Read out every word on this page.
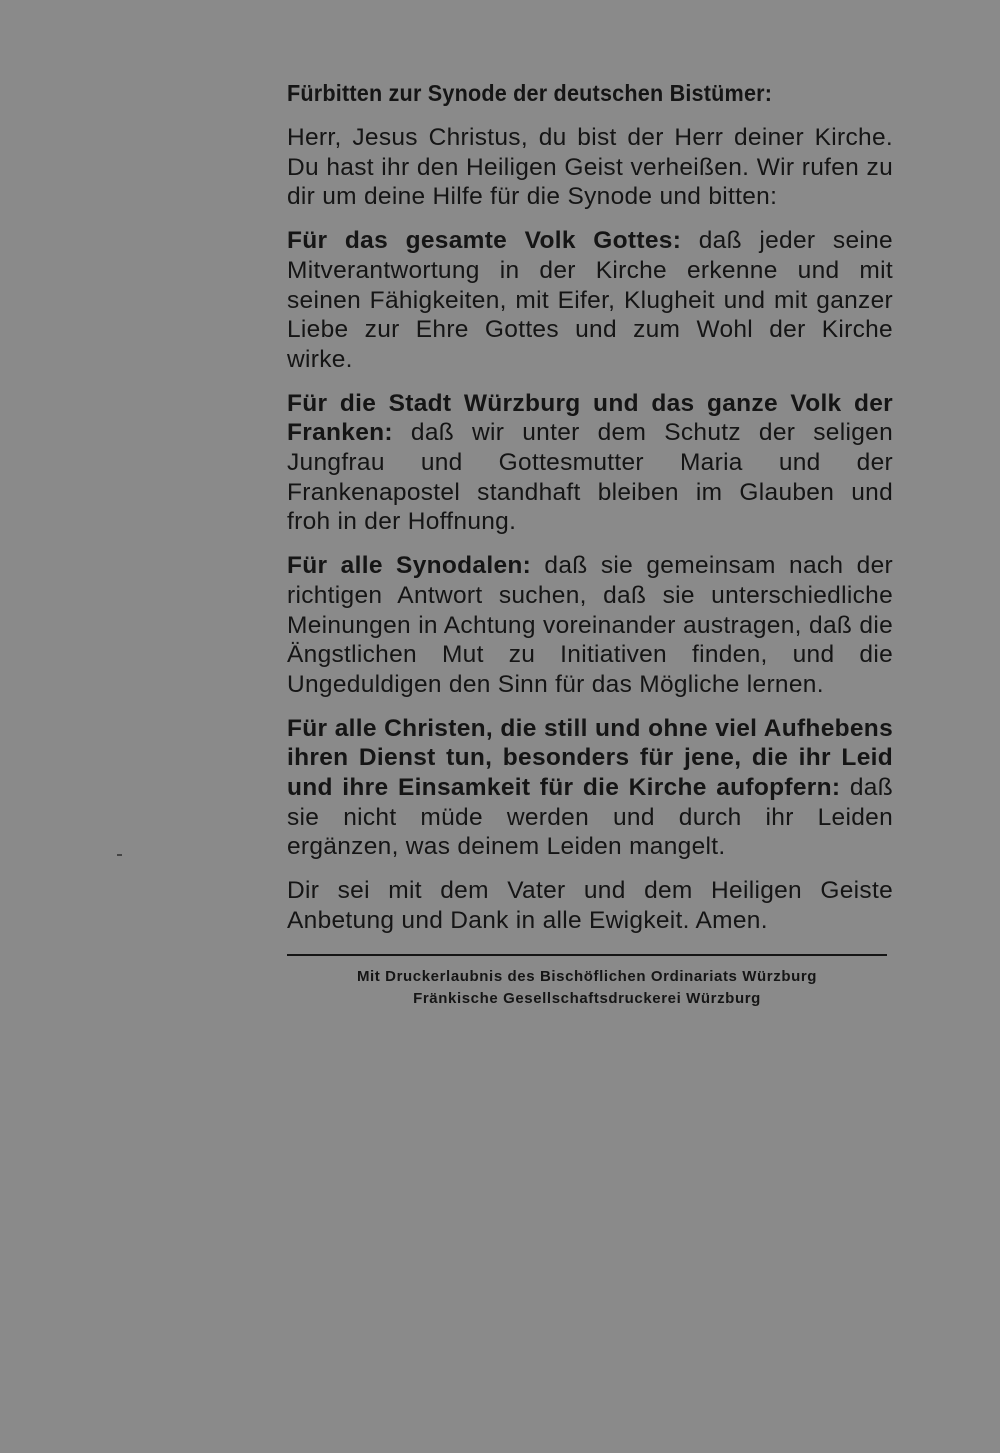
Fürbitten zur Synode der deutschen Bistümer:

Herr, Jesus Christus, du bist der Herr deiner Kirche. Du hast ihr den Heiligen Geist verheißen. Wir rufen zu dir um deine Hilfe für die Synode und bitten:

Für das gesamte Volk Gottes: daß jeder seine Mitverantwortung in der Kirche erkenne und mit seinen Fähigkeiten, mit Eifer, Klugheit und mit ganzer Liebe zur Ehre Gottes und zum Wohl der Kirche wirke.

Für die Stadt Würzburg und das ganze Volk der Franken: daß wir unter dem Schutz der seligen Jungfrau und Gottesmutter Maria und der Frankenapostel standhaft bleiben im Glauben und froh in der Hoffnung.

Für alle Synodalen: daß sie gemeinsam nach der richtigen Antwort suchen, daß sie unterschiedliche Meinungen in Achtung voreinander austragen, daß die Ängstlichen Mut zu Initiativen finden, und die Ungeduldigen den Sinn für das Mögliche lernen.

Für alle Christen, die still und ohne viel Aufhebens ihren Dienst tun, besonders für jene, die ihr Leid und ihre Einsamkeit für die Kirche aufopfern: daß sie nicht müde werden und durch ihr Leiden ergänzen, was deinem Leiden mangelt.

Dir sei mit dem Vater und dem Heiligen Geiste Anbetung und Dank in alle Ewigkeit. Amen.

Mit Druckerlaubnis des Bischöflichen Ordinariats Würzburg
Fränkische Gesellschaftsdruckerei Würzburg
